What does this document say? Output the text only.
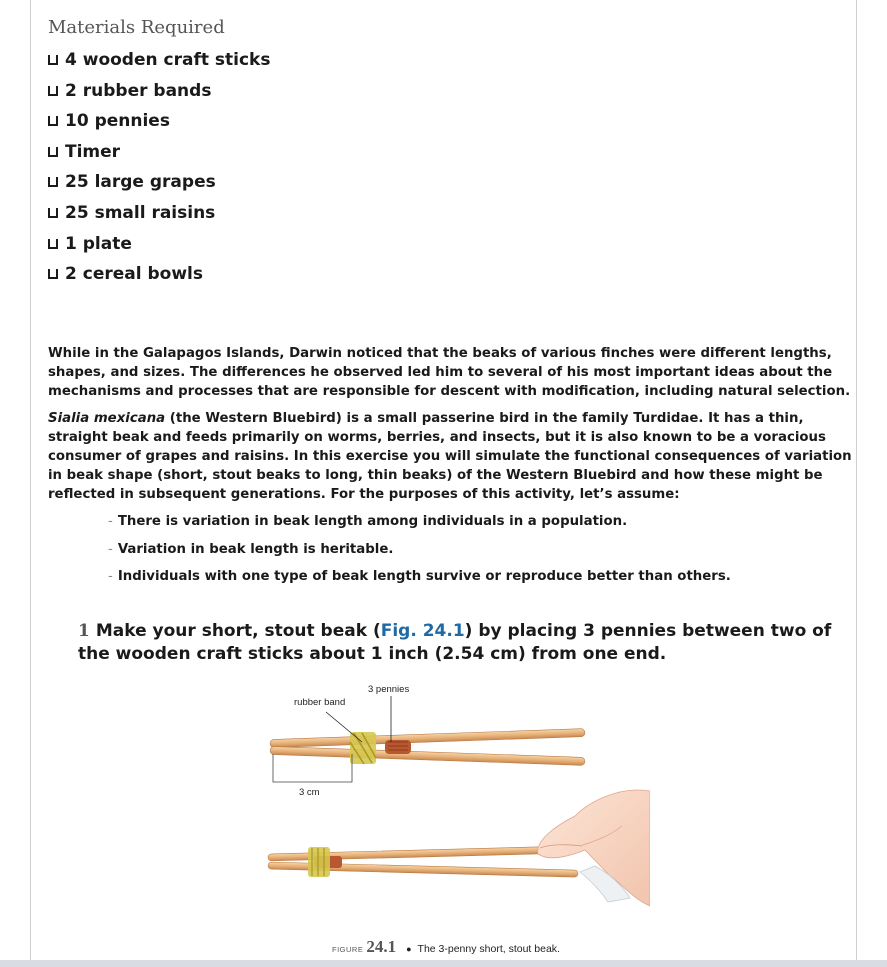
Materials Required
4 wooden craft sticks
2 rubber bands
10 pennies
Timer
25 large grapes
25 small raisins
1 plate
2 cereal bowls

While in the Galapagos Islands, Darwin noticed that the beaks of various finches were different lengths, shapes, and sizes. The differences he observed led him to several of his most important ideas about the mechanisms and processes that are responsible for descent with modification, including natural selection.

Sialia mexicana (the Western Bluebird) is a small passerine bird in the family Turdidae. It has a thin, straight beak and feeds primarily on worms, berries, and insects, but it is also known to be a voracious consumer of grapes and raisins. In this exercise you will simulate the functional consequences of variation in beak shape (short, stout beaks to long, thin beaks) of the Western Bluebird and how these might be reflected in subsequent generations. For the purposes of this activity, let’s assume:

- There is variation in beak length among individuals in a population.
- Variation in beak length is heritable.
- Individuals with one type of beak length survive or reproduce better than others.
1 Make your short, stout beak (Fig. 24.1) by placing 3 pennies between two of the wooden craft sticks about 1 inch (2.54 cm) from one end.
rubber band
3 pennies
3 cm
FIGURE 24.1 ● The 3-penny short, stout beak.
